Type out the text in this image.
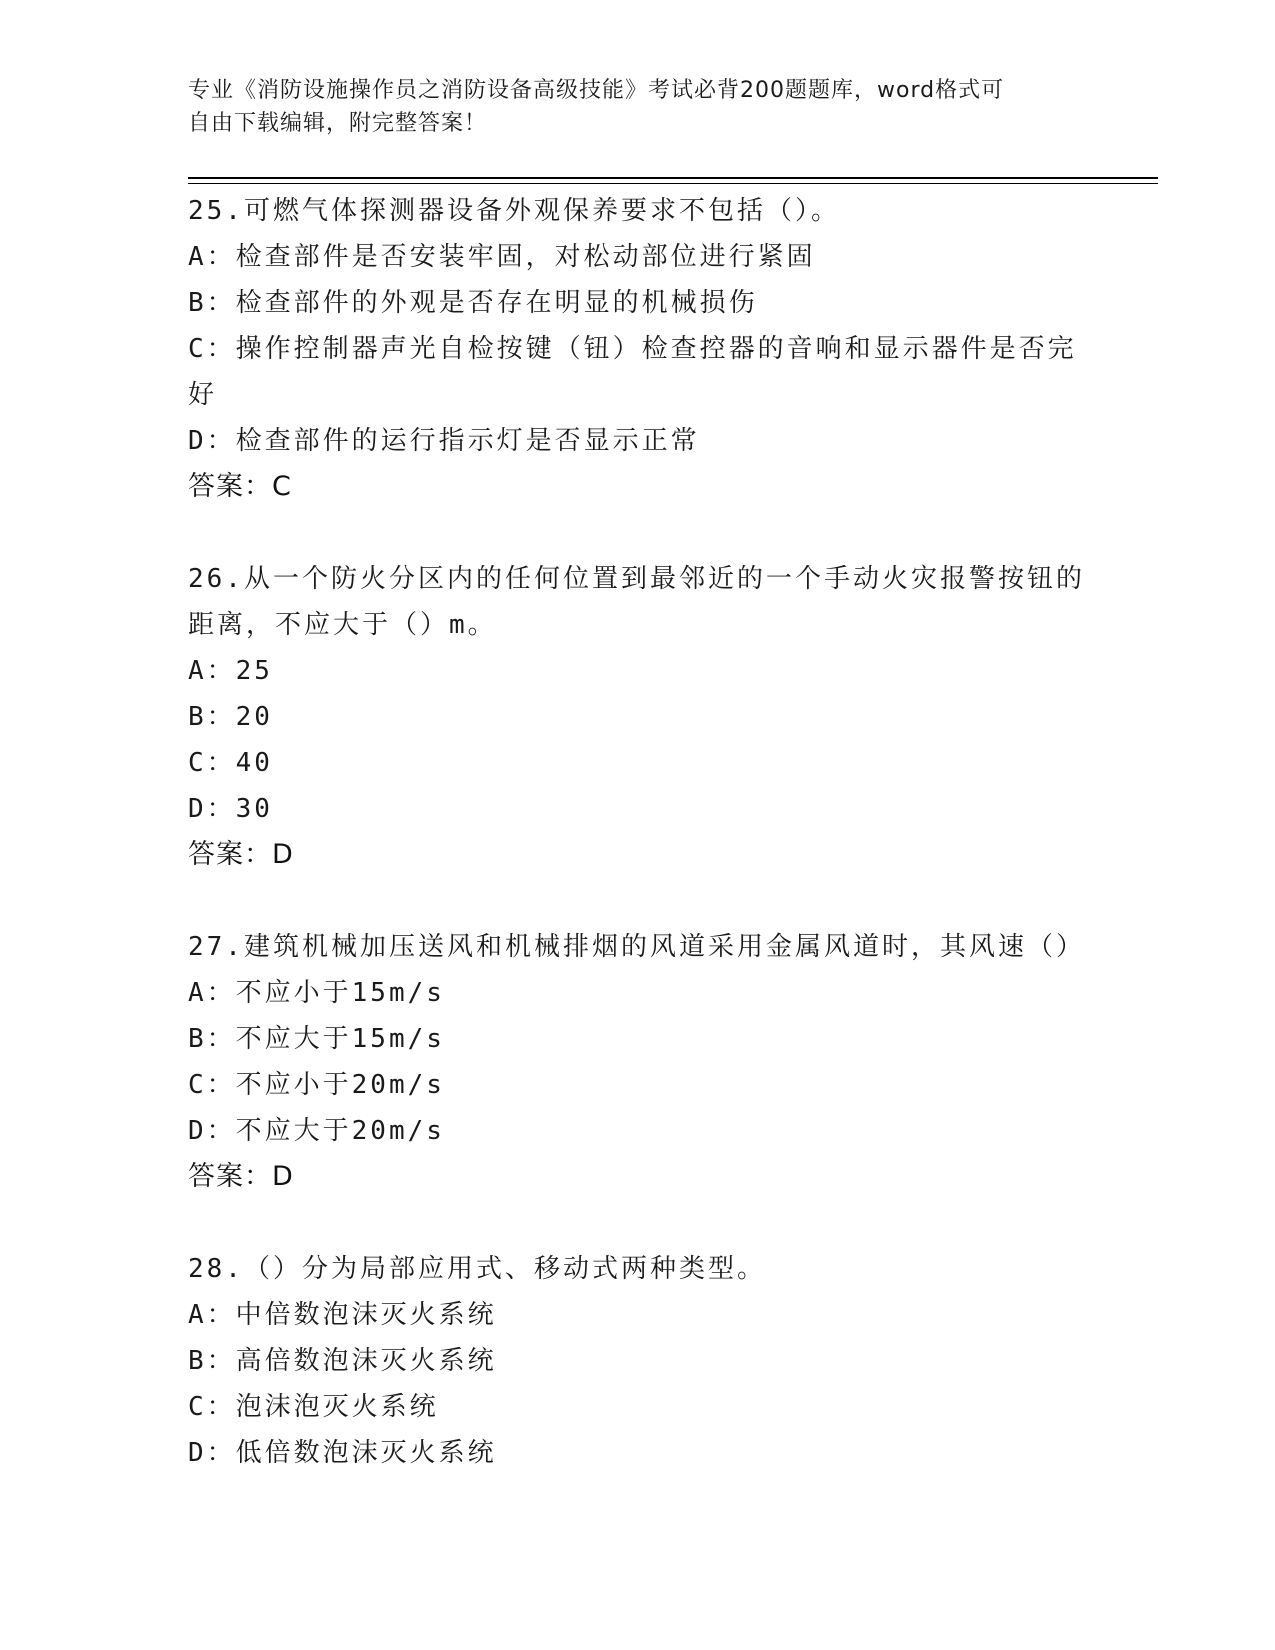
专业《消防设施操作员之消防设备高级技能》考试必背200题题库，word格式可
自由下载编辑，附完整答案！
25.可燃气体探测器设备外观保养要求不包括（）。
A：检查部件是否安装牢固，对松动部位进行紧固
B：检查部件的外观是否存在明显的机械损伤
C：操作控制器声光自检按键（钮）检查控器的音响和显示器件是否完
好
D：检查部件的运行指示灯是否显示正常
答案：C
26.从一个防火分区内的任何位置到最邻近的一个手动火灾报警按钮的
距离，不应大于（）m。
A：25
B：20
C：40
D：30
答案：D
27.建筑机械加压送风和机械排烟的风道采用金属风道时，其风速（）
A：不应小于15m/s
B：不应大于15m/s
C：不应小于20m/s
D：不应大于20m/s
答案：D
28.（）分为局部应用式、移动式两种类型。
A：中倍数泡沫灭火系统
B：高倍数泡沫灭火系统
C：泡沫泡灭火系统
D：低倍数泡沫灭火系统
